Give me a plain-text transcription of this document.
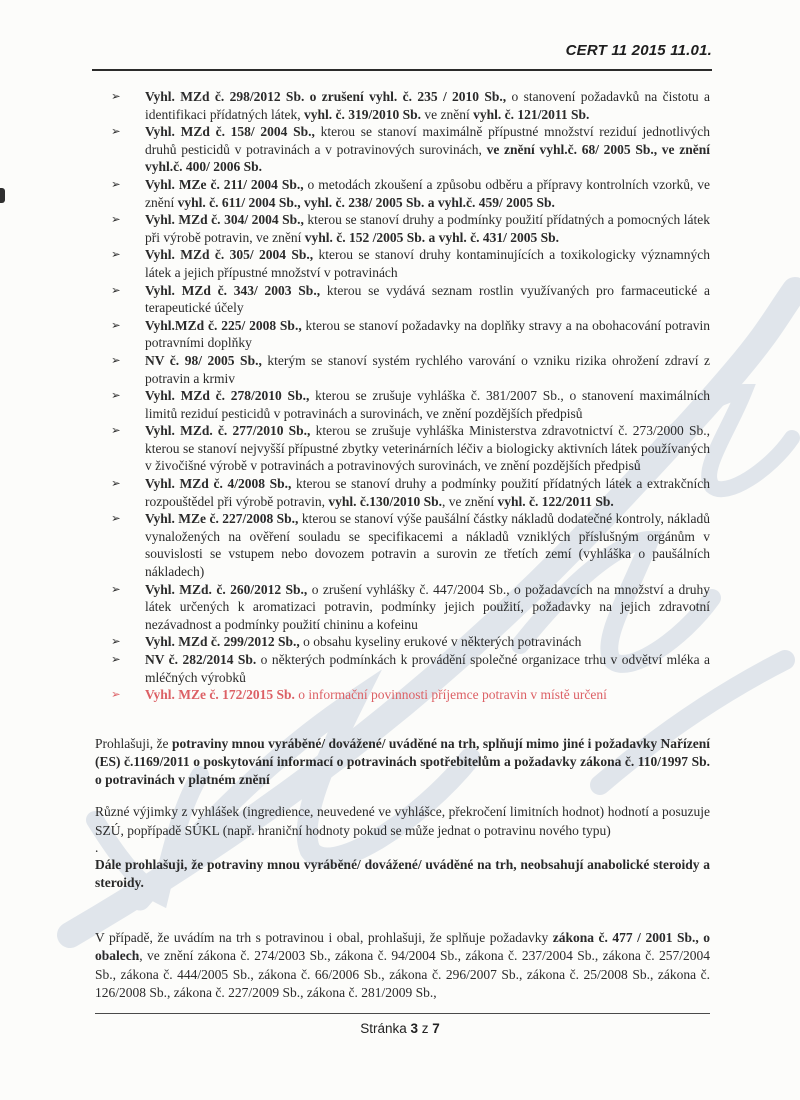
CERT 11 2015 11.01.
➢ Vyhl. MZd č. 298/2012 Sb. o zrušení vyhl. č. 235 / 2010 Sb., o stanovení požadavků na čistotu a identifikaci přídatných látek, vyhl. č. 319/2010 Sb. ve znění vyhl. č. 121/2011 Sb.
➢ Vyhl. MZd č. 158/ 2004 Sb., kterou se stanoví maximálně přípustné množství reziduí jednotlivých druhů pesticidů v potravinách a v potravinových surovinách, ve znění vyhl.č. 68/ 2005 Sb., ve znění vyhl.č. 400/ 2006 Sb.
➢ Vyhl. MZe č. 211/ 2004 Sb., o metodách zkoušení a způsobu odběru a přípravy kontrolních vzorků, ve znění vyhl. č. 611/ 2004 Sb., vyhl. č. 238/ 2005 Sb. a vyhl.č. 459/ 2005 Sb.
➢ Vyhl. MZd č. 304/ 2004 Sb., kterou se stanoví druhy a podmínky použití přídatných a pomocných látek při výrobě potravin, ve znění vyhl. č. 152 /2005 Sb. a vyhl. č. 431/ 2005 Sb.
➢ Vyhl. MZd č. 305/ 2004 Sb., kterou se stanoví druhy kontaminujících a toxikologicky významných látek a jejich přípustné množství v potravinách
➢ Vyhl. MZd č. 343/ 2003 Sb., kterou se vydává seznam rostlin využívaných pro farmaceutické a terapeutické účely
➢ Vyhl.MZd č. 225/ 2008 Sb., kterou se stanoví požadavky na doplňky stravy a na obohacování potravin potravními doplňky
➢ NV č. 98/ 2005 Sb., kterým se stanoví systém rychlého varování o vzniku rizika ohrožení zdraví z potravin a krmiv
➢ Vyhl. MZd č. 278/2010 Sb., kterou se zrušuje vyhláška č. 381/2007 Sb., o stanovení maximálních limitů reziduí pesticidů v potravinách a surovinách, ve znění pozdějších předpisů
➢ Vyhl. MZd. č. 277/2010 Sb., kterou se zrušuje vyhláška Ministerstva zdravotnictví č. 273/2000 Sb., kterou se stanoví nejvyšší přípustné zbytky veterinárních léčiv a biologicky aktivních látek používaných v živočišné výrobě v potravinách a potravinových surovinách, ve znění pozdějších předpisů
➢ Vyhl. MZd č. 4/2008 Sb., kterou se stanoví druhy a podmínky použití přídatných látek a extrakčních rozpouštědel při výrobě potravin, vyhl. č.130/2010 Sb., ve znění vyhl. č. 122/2011 Sb.
➢ Vyhl. MZe č. 227/2008 Sb., kterou se stanoví výše paušální částky nákladů dodatečné kontroly, nákladů vynaložených na ověření souladu se specifikacemi a nákladů vzniklých příslušným orgánům v souvislosti se vstupem nebo dovozem potravin a surovin ze třetích zemí (vyhláška o paušálních nákladech)
➢ Vyhl. MZd. č. 260/2012 Sb., o zrušení vyhlášky č. 447/2004 Sb., o požadavcích na množství a druhy látek určených k aromatizaci potravin, podmínky jejich použití, požadavky na jejich zdravotní nezávadnost a podmínky použití chininu a kofeinu
➢ Vyhl. MZd č. 299/2012 Sb., o obsahu kyseliny erukové v některých potravinách
➢ NV č. 282/2014 Sb. o některých podmínkách k provádění společné organizace trhu v odvětví mléka a mléčných výrobků
➢ Vyhl. MZe č. 172/2015 Sb. o informační povinnosti příjemce potravin v místě určení

Prohlašuji, že potraviny mnou vyráběné/ dovážené/ uváděné na trh, splňují mimo jiné i požadavky Nařízení (ES) č.1169/2011 o poskytování informací o potravinách spotřebitelům a požadavky zákona č. 110/1997 Sb. o potravinách v platném znění

Různé výjimky z vyhlášek (ingredience, neuvedené ve vyhlášce, překročení limitních hodnot) hodnotí a posuzuje SZÚ, popřípadě SÚKL (např. hraniční hodnoty pokud se může jednat o potravinu nového typu)

.

Dále prohlašuji, že potraviny mnou vyráběné/ dovážené/ uváděné na trh, neobsahují anabolické steroidy a steroidy.

V případě, že uvádím na trh s potravinou i obal, prohlašuji, že splňuje požadavky zákona č. 477 / 2001 Sb., o obalech, ve znění zákona č. 274/2003 Sb., zákona č. 94/2004 Sb., zákona č. 237/2004 Sb., zákona č. 257/2004 Sb., zákona č. 444/2005 Sb., zákona č. 66/2006 Sb., zákona č. 296/2007 Sb., zákona č. 25/2008 Sb., zákona č. 126/2008 Sb., zákona č. 227/2009 Sb., zákona č. 281/2009 Sb.,

Stránka 3 z 7
